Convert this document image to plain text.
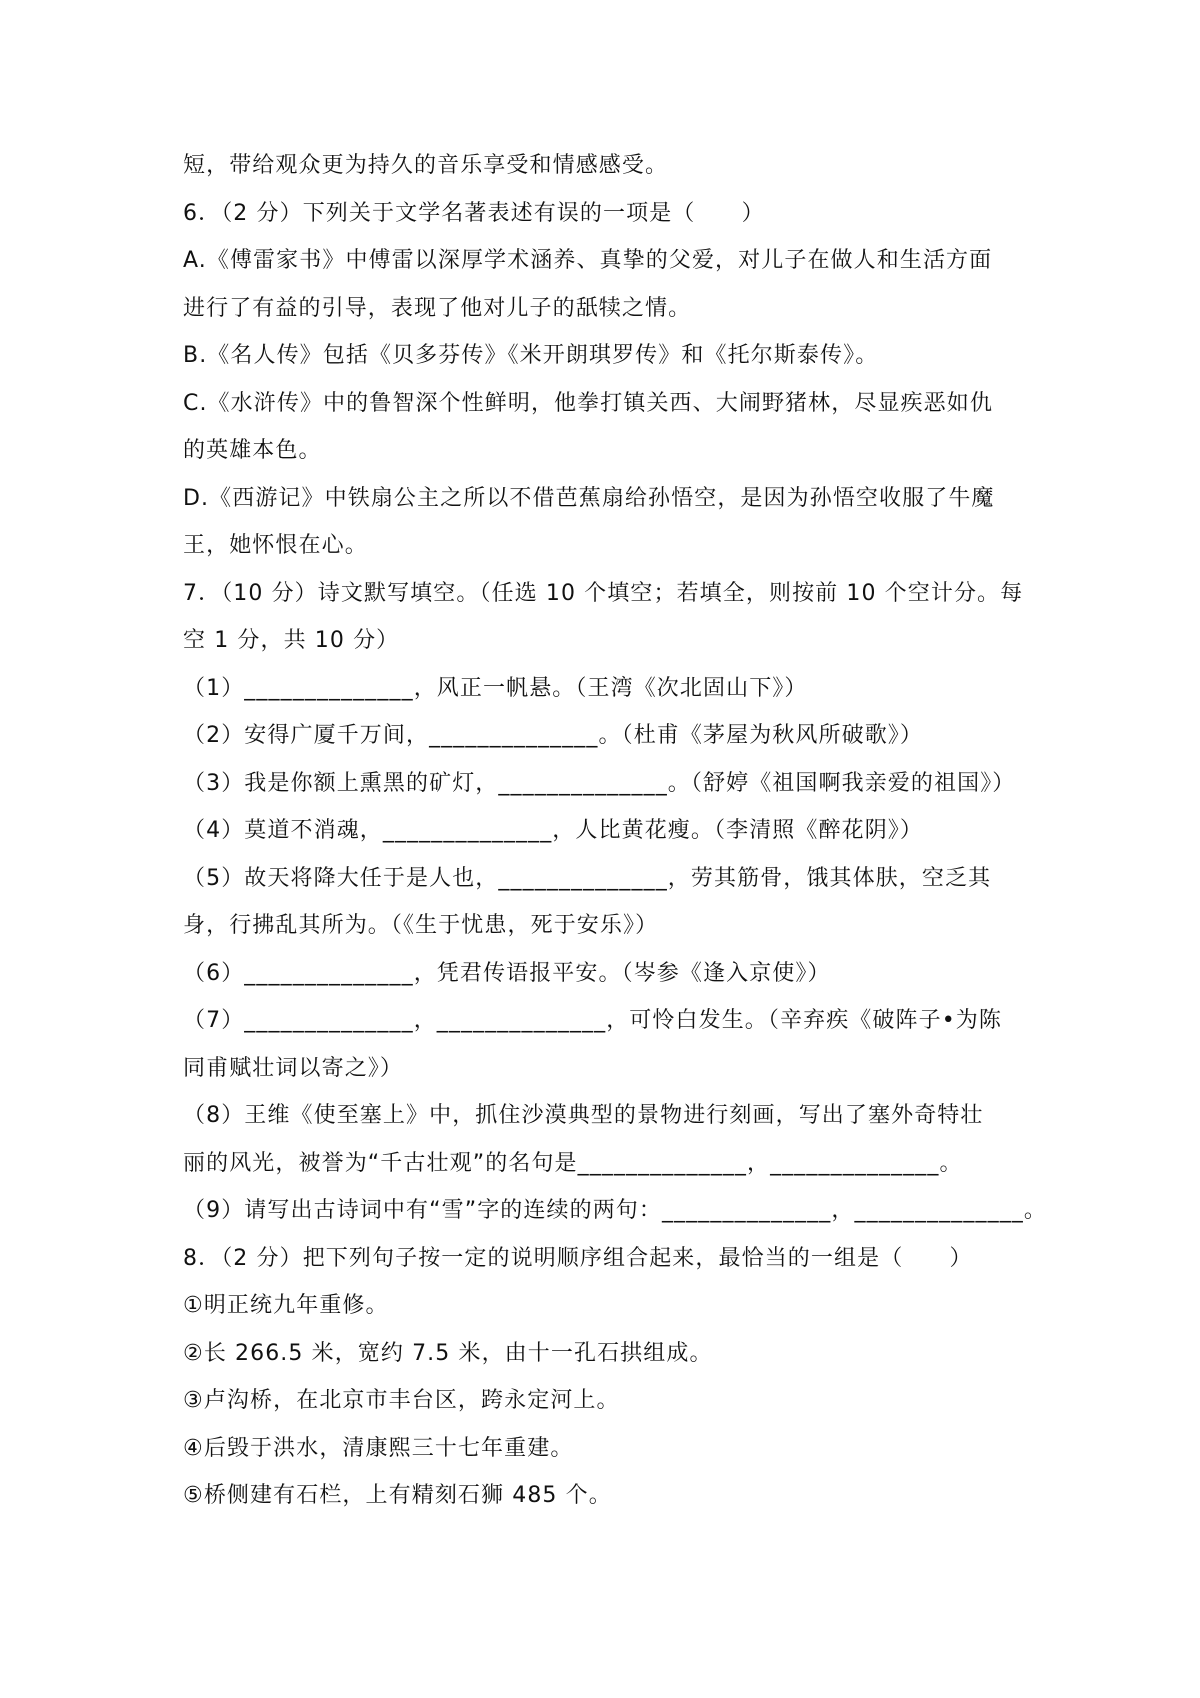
短，带给观众更为持久的音乐享受和情感感受。
6．（2 分）下列关于文学名著表述有误的一项是（　　）
A.《傅雷家书》中傅雷以深厚学术涵养、真挚的父爱，对儿子在做人和生活方面
进行了有益的引导，表现了他对儿子的舐犊之情。
B.《名人传》包括《贝多芬传》《米开朗琪罗传》和《托尔斯泰传》。
C.《水浒传》中的鲁智深个性鲜明，他拳打镇关西、大闹野猪林，尽显疾恶如仇
的英雄本色。
D.《西游记》中铁扇公主之所以不借芭蕉扇给孙悟空，是因为孙悟空收服了牛魔
王，她怀恨在心。
7．（10 分）诗文默写填空。（任选 10 个填空；若填全，则按前 10 个空计分。每
空 1 分，共 10 分）
（1）______________，风正一帆悬。（王湾《次北固山下》）
（2）安得广厦千万间，______________。（杜甫《茅屋为秋风所破歌》）
（3）我是你额上熏黑的矿灯，______________。（舒婷《祖国啊我亲爱的祖国》）
（4）莫道不消魂，______________，人比黄花瘦。（李清照《醉花阴》）
（5）故天将降大任于是人也，______________，劳其筋骨，饿其体肤，空乏其
身，行拂乱其所为。（《生于忧患，死于安乐》）
（6）______________，凭君传语报平安。（岑参《逢入京使》）
（7）______________，______________，可怜白发生。（辛弃疾《破阵子•为陈
同甫赋壮词以寄之》）
（8）王维《使至塞上》中，抓住沙漠典型的景物进行刻画，写出了塞外奇特壮
丽的风光，被誉为“千古壮观”的名句是______________，______________。
（9）请写出古诗词中有“雪”字的连续的两句：______________，______________。
8．（2 分）把下列句子按一定的说明顺序组合起来，最恰当的一组是（　　）
①明正统九年重修。
②长 266.5 米，宽约 7.5 米，由十一孔石拱组成。
③卢沟桥，在北京市丰台区，跨永定河上。
④后毁于洪水，清康熙三十七年重建。
⑤桥侧建有石栏，上有精刻石狮 485 个。
